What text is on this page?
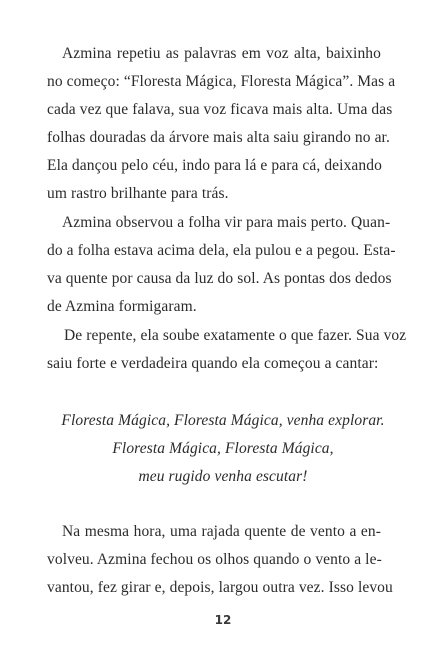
Azmina repetiu as palavras em voz alta, baixinho
no começo: “Floresta Mágica, Floresta Mágica”. Mas a
cada vez que falava, sua voz ficava mais alta. Uma das
folhas douradas da árvore mais alta saiu girando no ar.
Ela dançou pelo céu, indo para lá e para cá, deixando
um rastro brilhante para trás.
Azmina observou a folha vir para mais perto. Quan-
do a folha estava acima dela, ela pulou e a pegou. Esta-
va quente por causa da luz do sol. As pontas dos dedos
de Azmina formigaram.
De repente, ela soube exatamente o que fazer. Sua voz
saiu forte e verdadeira quando ela começou a cantar:
Floresta Mágica, Floresta Mágica, venha explorar.
Floresta Mágica, Floresta Mágica,
meu rugido venha escutar!
Na mesma hora, uma rajada quente de vento a en-
volveu. Azmina fechou os olhos quando o vento a le-
vantou, fez girar e, depois, largou outra vez. Isso levou
12
